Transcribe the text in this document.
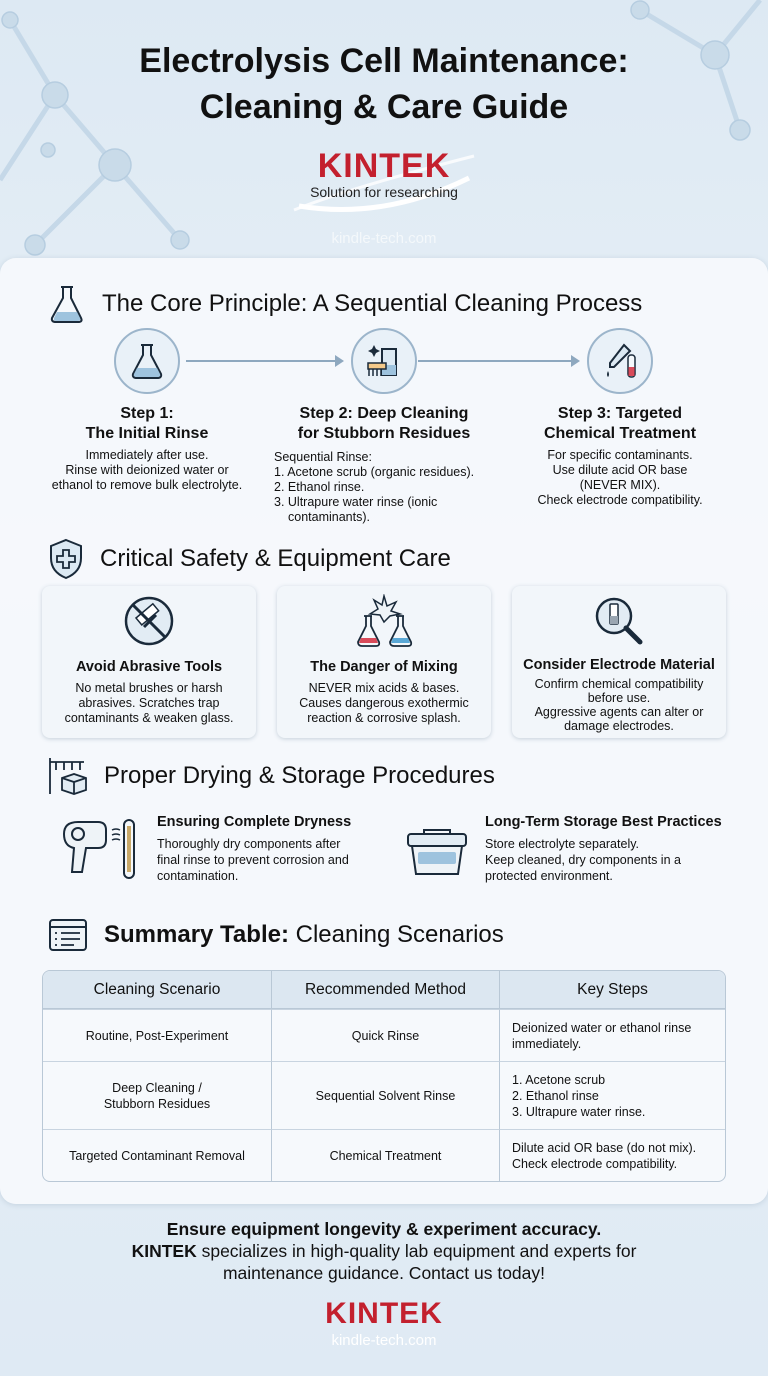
Electrolysis Cell Maintenance:
Cleaning & Care Guide
KINTEK
Solution for researching
kindle-tech.com
The Core Principle: A Sequential Cleaning Process
Step 1:
The Initial Rinse

Immediately after use.
Rinse with deionized water or
ethanol to remove bulk electrolyte.

Step 2: Deep Cleaning
for Stubborn Residues
Sequential Rinse:
1. Acetone scrub (organic residues).
2. Ethanol rinse.
3. Ultrapure water rinse (ionic contaminants).
Step 3: Targeted
Chemical Treatment

For specific contaminants.
Use dilute acid OR base
(NEVER MIX).
Check electrode compatibility.

Critical Safety & Equipment Care
Avoid Abrasive Tools

No metal brushes or harsh
abrasives. Scratches trap
contaminants & weaken glass.

The Danger of Mixing

NEVER mix acids & bases.
Causes dangerous exothermic
reaction & corrosive splash.

Consider Electrode Material

Confirm chemical compatibility
before use.
Aggressive agents can alter or
damage electrodes.

Proper Drying & Storage Procedures
Ensuring Complete Dryness

Thoroughly dry components after
final rinse to prevent corrosion and
contamination.

Long-Term Storage Best Practices

Store electrolyte separately.
Keep cleaned, dry components in a
protected environment.

Summary Table: Cleaning Scenarios
Cleaning Scenario	Recommended Method	Key Steps
Routine, Post-Experiment	Quick Rinse	Deionized water or ethanol rinse
immediately.
Deep Cleaning /
Stubborn Residues	Sequential Solvent Rinse	1. Acetone scrub
2. Ethanol rinse
3. Ultrapure water rinse.
Targeted Contaminant Removal	Chemical Treatment	Dilute acid OR base (do not mix).
Check electrode compatibility.
Ensure equipment longevity & experiment accuracy.
KINTEK specializes in high-quality lab equipment and experts for
maintenance guidance. Contact us today!
KINTEK
kindle-tech.com
